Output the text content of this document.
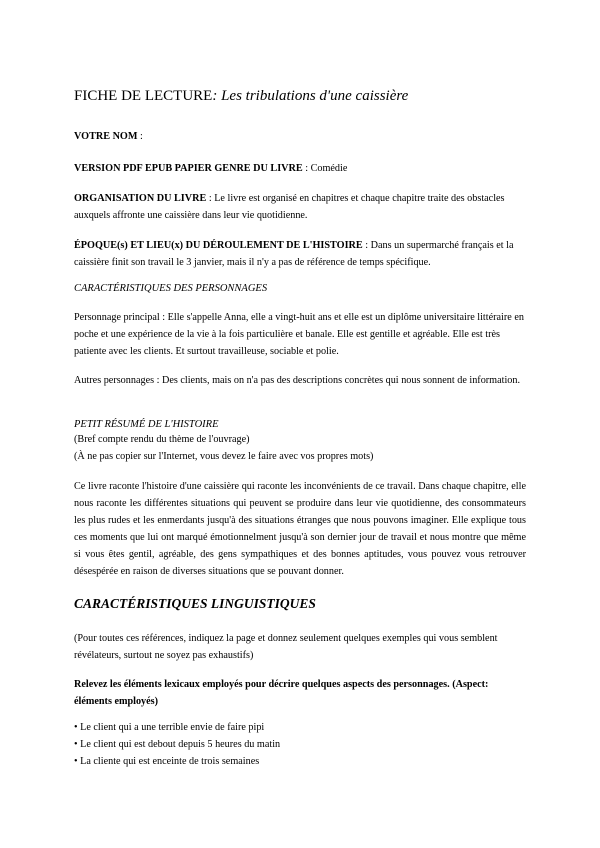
FICHE DE LECTURE: Les tribulations d'une caissière
VOTRE NOM :
VERSION PDF EPUB PAPIER GENRE DU LIVRE : Comédie
ORGANISATION DU LIVRE : Le livre est organisé en chapitres et chaque chapitre traite des obstacles auxquels affronte une caissière dans leur vie quotidienne.
ÉPOQUE(s) ET LIEU(x) DU DÉROULEMENT DE L'HISTOIRE : Dans un supermarché français et la caissière finit son travail le 3 janvier, mais il n'y a pas de référence de temps spécifique.
CARACTÉRISTIQUES DES PERSONNAGES
Personnage principal : Elle s'appelle Anna, elle a vingt-huit ans et elle est un diplôme universitaire littéraire en poche et une expérience de la vie à la fois particulière et banale. Elle est gentille et agréable. Elle est très patiente avec les clients. Et surtout travailleuse, sociable et polie.
Autres personnages : Des clients, mais on n'a pas des descriptions concrètes qui nous sonnent de information.
PETIT RÉSUMÉ DE L'HISTOIRE
(Bref compte rendu du thème de l'ouvrage)
(À ne pas copier sur l'Internet, vous devez le faire avec vos propres mots)
Ce livre raconte l'histoire d'une caissière qui raconte les inconvénients de ce travail. Dans chaque chapitre, elle nous raconte les différentes situations qui peuvent se produire dans leur vie quotidienne, des consommateurs les plus rudes et les enmerdants jusqu'à des situations étranges que nous pouvons imaginer. Elle explique tous ces moments que lui ont marqué émotionnelment jusqu'à son dernier jour de travail et nous montre que même si vous êtes gentil, agréable, des gens sympathiques et des bonnes aptitudes, vous pouvez vous retrouver désespérée en raison de diverses situations que se pouvant donner.
CARACTÉRISTIQUES LINGUISTIQUES
(Pour toutes ces références, indiquez la page et donnez seulement quelques exemples qui vous semblent révélateurs, surtout ne soyez pas exhaustifs)
Relevez les éléments lexicaux employés pour décrire quelques aspects des personnages. (Aspect: éléments employés)
• Le client qui a une terrible envie de faire pipi
• Le client qui est debout depuis 5 heures du matin
• La cliente qui est enceinte de trois semaines
